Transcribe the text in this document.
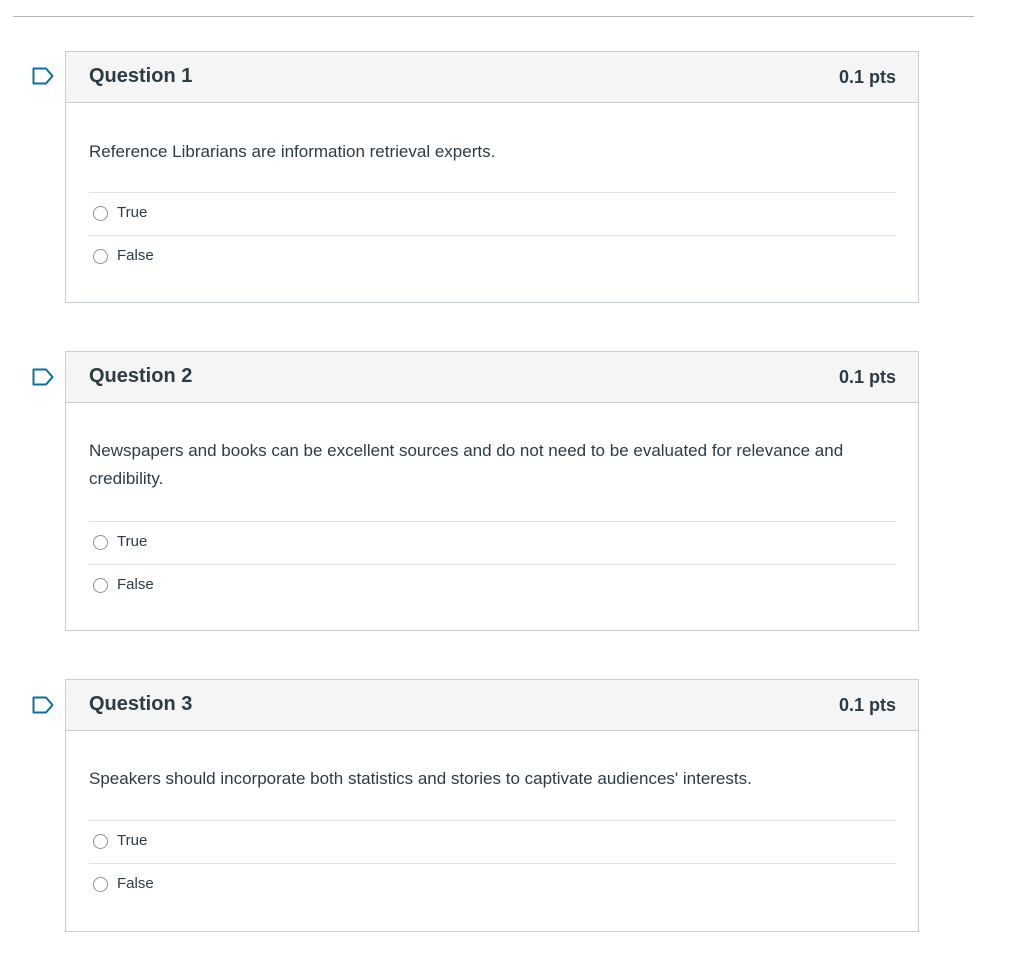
Question 1	0.1 pts
Reference Librarians are information retrieval experts.
True
False
Question 2	0.1 pts
Newspapers and books can be excellent sources and do not need to be evaluated for relevance and credibility.
True
False
Question 3	0.1 pts
Speakers should incorporate both statistics and stories to captivate audiences' interests.
True
False
